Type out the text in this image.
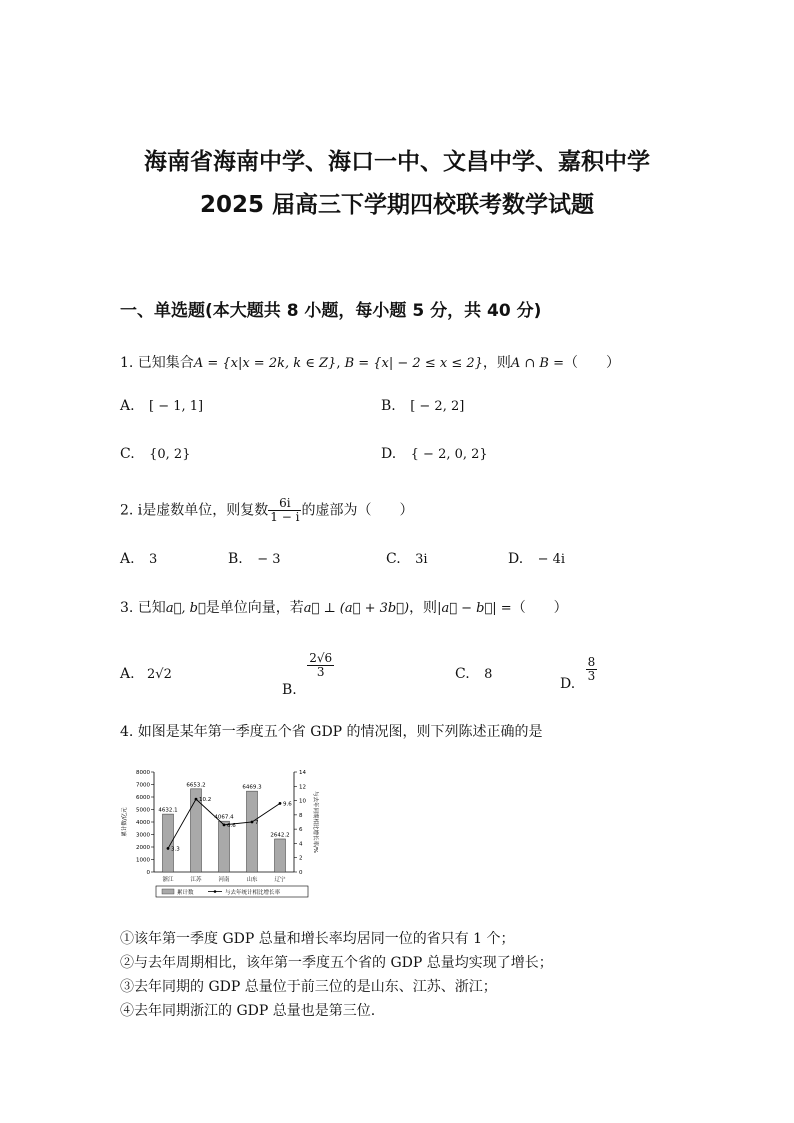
海南省海南中学、海口一中、文昌中学、嘉积中学
2025 届高三下学期四校联考数学试题
一、单选题(本大题共 8 小题，每小题 5 分，共 40 分)
1. 已知集合A = {x|x = 2k, k ∈ Z}, B = {x| − 2 ≤ x ≤ 2}，则A ∩ B =（　　）
A. [ − 1, 1]	B. [ − 2, 2]
C. {0, 2}	D. { − 2, 0, 2}
2. i是虚数单位，则复数 $\frac{6i}{1 - i}$ 的虚部为（　　）
A. 3	B. − 3	C. 3i	D. − 4i
3. 已知a⃗, b⃗是单位向量，若a⃗ ⊥ (a⃗ + 3b⃗)，则|a⃗ − b⃗| =（　　）
A. 2√2
B.
$\frac{2√6}{3}$	C. 8
D.
$\frac{8}{3}$
4. 如图是某年第一季度五个省 GDP 的情况图，则下列陈述正确的是
0
1000
2000
3000
4000
5000
6000
7000
8000
0
2
4
6
8
10
12
14
累计数/亿元	与去年同期相比增长率/%
4632.1
浙江
6653.2
江苏
4067.4
河南
6469.3
山东
2642.2
辽宁
3.3
10.2
6.6	7
9.6
累计数	与去年统计相比增长率
①该年第一季度 GDP 总量和增长率均居同一位的省只有 1 个；
②与去年周期相比，该年第一季度五个省的 GDP 总量均实现了增长；
③去年同期的 GDP 总量位于前三位的是山东、江苏、浙江；
④去年同期浙江的 GDP 总量也是第三位.
